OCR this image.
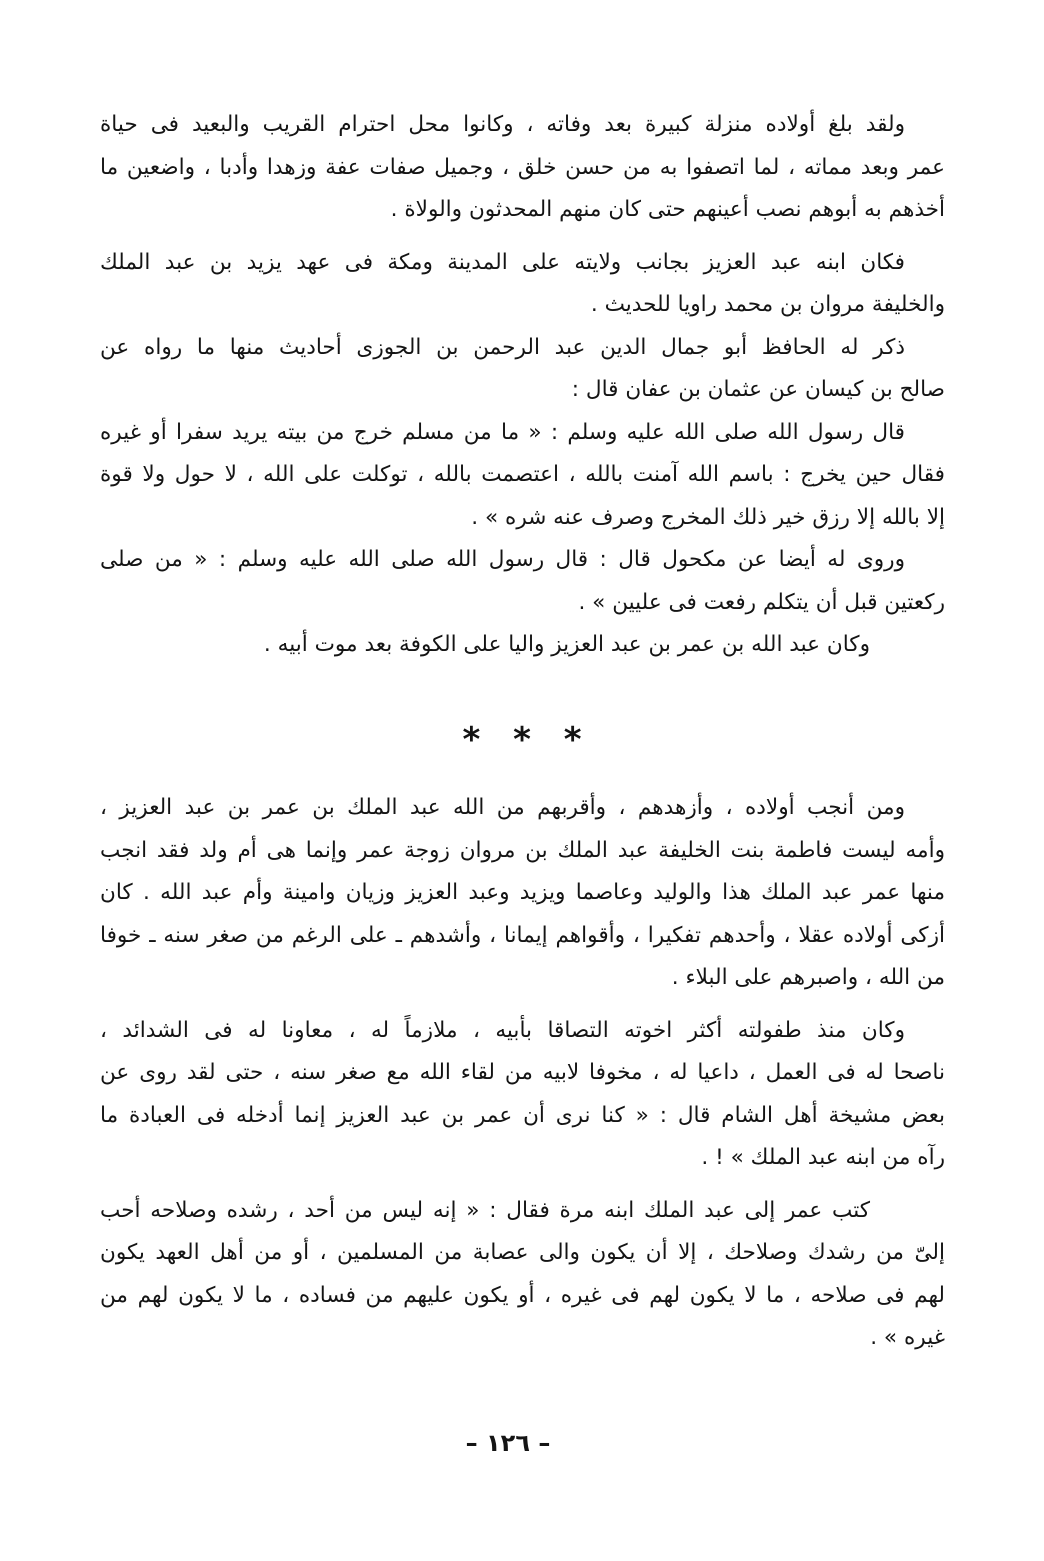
ولقد بلغ أولاده منزلة كبيرة بعد وفاته ، وكانوا محل احترام القريب والبعيد فى حياة
عمر وبعد مماته ، لما اتصفوا به من حسن خلق ، وجميل صفات عفة وزهدا وأدبا ، واضعين ما
أخذهم به أبوهم نصب أعينهم حتى كان منهم المحدثون والولاة .
فكان ابنه عبد العزيز بجانب ولايته على المدينة ومكة فى عهد يزيد بن عبد الملك
والخليفة مروان بن محمد راويا للحديث .
ذكر له الحافظ أبو جمال الدين عبد الرحمن بن الجوزى أحاديث منها ما رواه عن
صالح بن كيسان عن عثمان بن عفان قال :
قال رسول الله صلى الله عليه وسلم : « ما من مسلم خرج من بيته يريد سفرا أو غيره
فقال حين يخرج : باسم الله آمنت بالله ، اعتصمت بالله ، توكلت على الله ، لا حول ولا قوة
إلا بالله إلا رزق خير ذلك المخرج وصرف عنه شره » .
وروى له أيضا عن مكحول قال : قال رسول الله صلى الله عليه وسلم : « من صلى
ركعتين قبل أن يتكلم رفعت فى عليين » .
وكان عبد الله بن عمر بن عبد العزيز واليا على الكوفة بعد موت أبيه .
* * *
ومن أنجب أولاده ، وأزهدهم ، وأقربهم من الله عبد الملك بن عمر بن عبد العزيز ،
وأمه ليست فاطمة بنت الخليفة عبد الملك بن مروان زوجة عمر وإنما هى أم ولد فقد انجب
منها عمر عبد الملك هذا والوليد وعاصما ويزيد وعبد العزيز وزيان وامينة وأم عبد الله . كان
أزكى أولاده عقلا ، وأحدهم تفكيرا ، وأقواهم إيمانا ، وأشدهم ـ على الرغم من صغر سنه ـ خوفا
من الله ، واصبرهم على البلاء .
وكان منذ طفولته أكثر اخوته التصاقا بأبيه ، ملازماً له ، معاونا له فى الشدائد ،
ناصحا له فى العمل ، داعيا له ، مخوفا لابيه من لقاء الله مع صغر سنه ، حتى لقد روى عن
بعض مشيخة أهل الشام قال : « كنا نرى أن عمر بن عبد العزيز إنما أدخله فى العبادة ما
رآه من ابنه عبد الملك » ! .
كتب عمر إلى عبد الملك ابنه مرة فقال : « إنه ليس من أحد ، رشده وصلاحه أحب
إلىّ من رشدك وصلاحك ، إلا أن يكون والى عصابة من المسلمين ، أو من أهل العهد يكون
لهم فى صلاحه ، ما لا يكون لهم فى غيره ، أو يكون عليهم من فساده ، ما لا يكون لهم من
غيره » .
– ١٢٦ –
